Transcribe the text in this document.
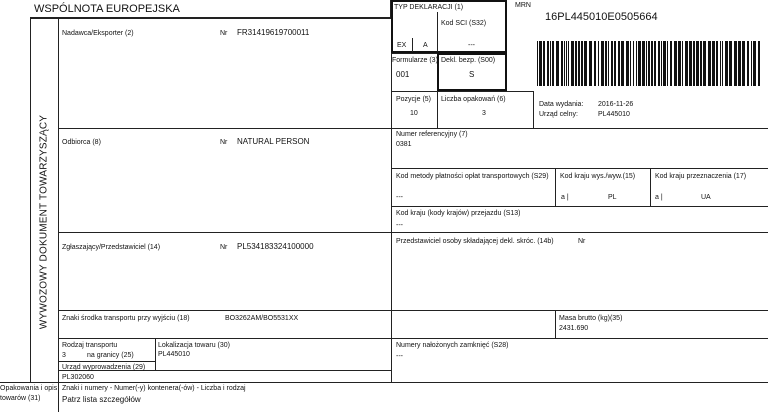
WSPÓLNOTA EUROPEJSKA
WYWOZOWY DOKUMENT TOWARZYSZĄCY
TYP DEKLARACJI (1)
EX A
Kod SCI (S32)
---
MRN
16PL445010E0505664
Formularze (3)
001
Dekl. bezp. (S00)
S
Pozycje (5)
10
Liczba opakowań (6)
3
Data wydania: 2016-11-26
Urząd celny:	PL445010
Nadawca/Eksporter (2)	Nr FR31419619700011
Odbiorca (8)	Nr NATURAL PERSON
Numer referencyjny (7)
0381
Kod metody płatności opłat transportowych (S29)
---
Kod kraju wys./wyw.(15)
a |	PL
Kod kraju przeznaczenia (17)
a |	UA
Kod kraju (kody krajów) przejazdu (S13)
---
Zgłaszający/Przedstawiciel (14)	Nr PL534183324100000
Przedstawiciel osoby składającej dekl. skróc. (14b)	Nr
Znaki środka transportu przy wyjściu (18)	BO3262AM/BO5531XX	Masa brutto (kg)(35)
2431.690
Rodzaj transportu
3	na granicy (25)
Lokalizacja towaru (30)
PL445010
Urząd wyprowadzenia (29)
PL302060
Numery nałożonych zamknięć (S28)
---
Opakowania i opis
towarów (31)
Znaki i numery - Numer(-y) kontenera(-ów) - Liczba i rodzaj
Patrz lista szczegółów
